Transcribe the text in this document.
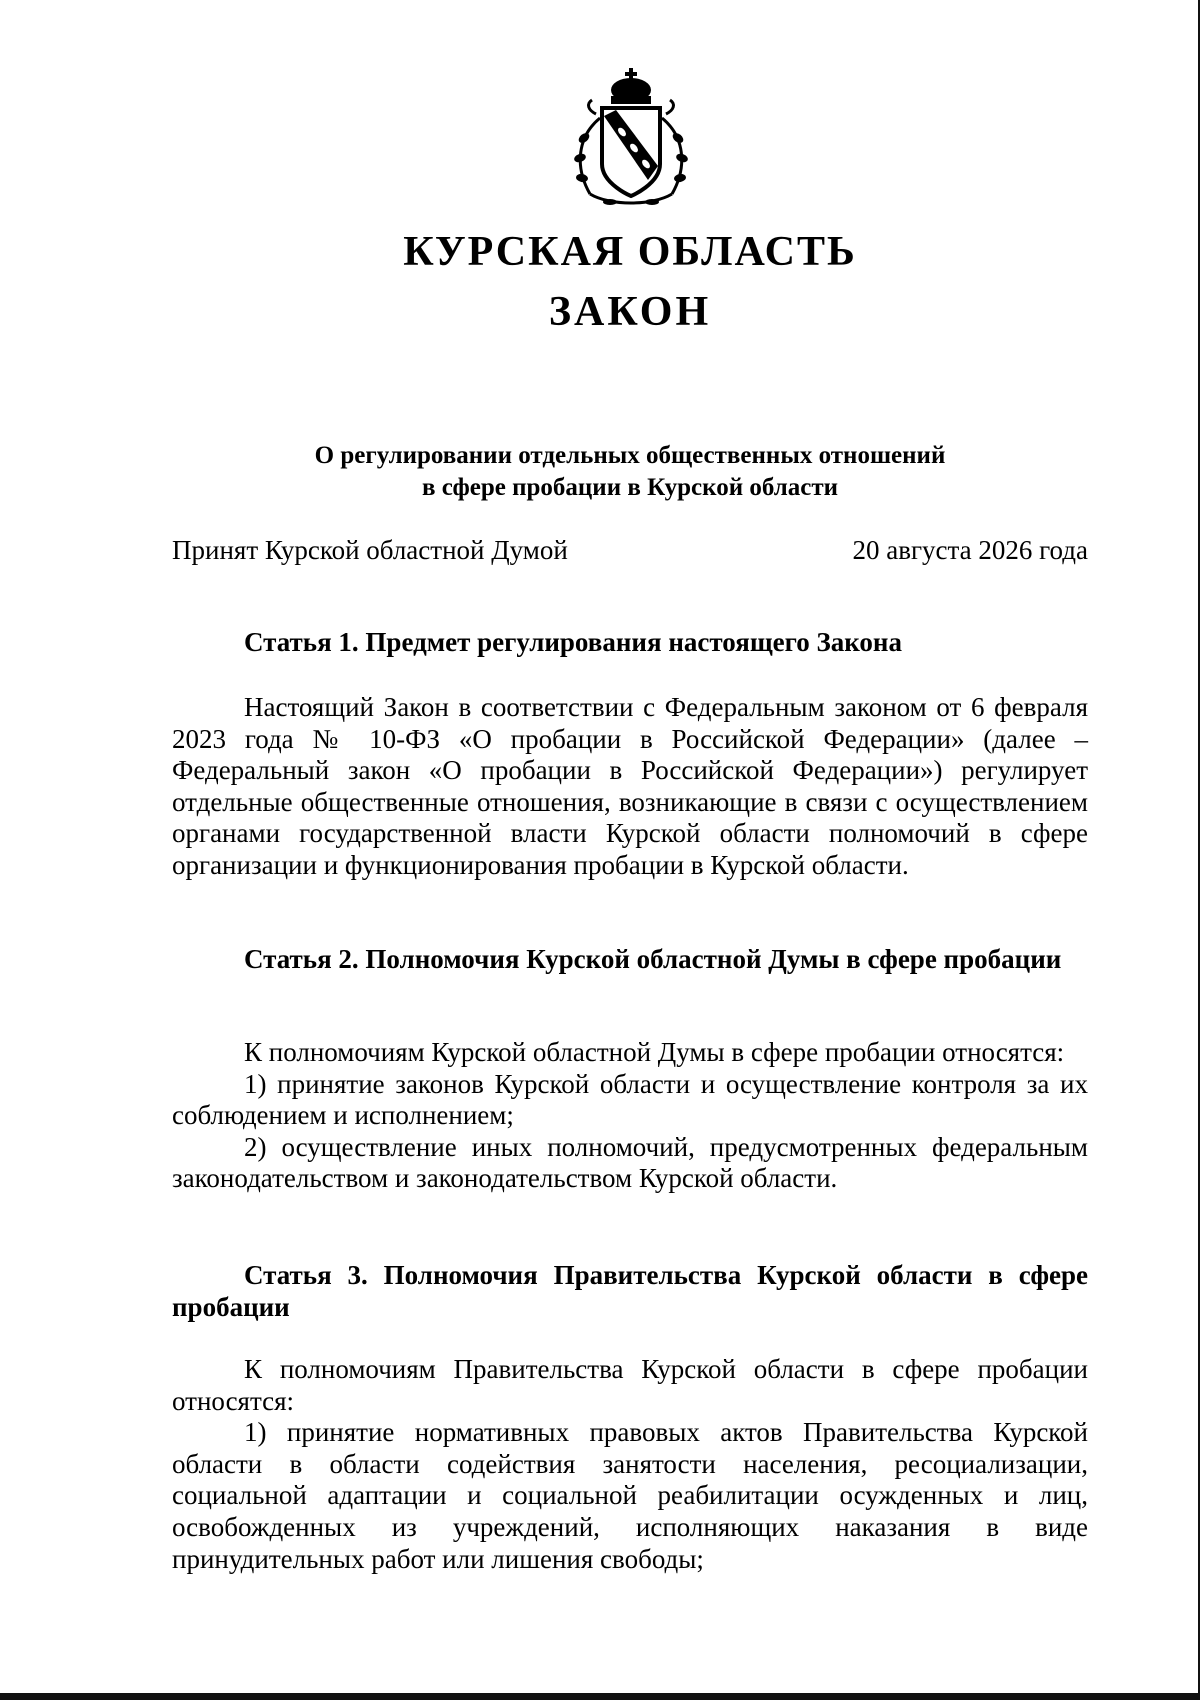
КУРСКАЯ ОБЛАСТЬ
ЗАКОН
О регулировании отдельных общественных отношений
в сфере пробации в Курской области
Принят Курской областной Думой	20 августа 2026 года

Статья 1. Предмет регулирования настоящего Закона

Настоящий Закон в соответствии с Федеральным законом от 6 февраля 2023 года № 10-ФЗ «О пробации в Российской Федерации» (далее – Федеральный закон «О пробации в Российской Федерации») регулирует отдельные общественные отношения, возникающие в связи с осуществлением органами государственной власти Курской области полномочий в сфере организации и функционирования пробации в Курской области.

Статья 2. Полномочия Курской областной Думы в сфере пробации

К полномочиям Курской областной Думы в сфере пробации относятся:

1) принятие законов Курской области и осуществление контроля за их соблюдением и исполнением;

2) осуществление иных полномочий, предусмотренных федеральным законодательством и законодательством Курской области.

Статья 3. Полномочия Правительства Курской области в сфере пробации

К полномочиям Правительства Курской области в сфере пробации относятся:

1) принятие нормативных правовых актов Правительства Курской области в области содействия занятости населения, ресоциализации, социальной адаптации и социальной реабилитации осужденных и лиц, освобожденных из учреждений, исполняющих наказания в виде принудительных работ или лишения свободы;
